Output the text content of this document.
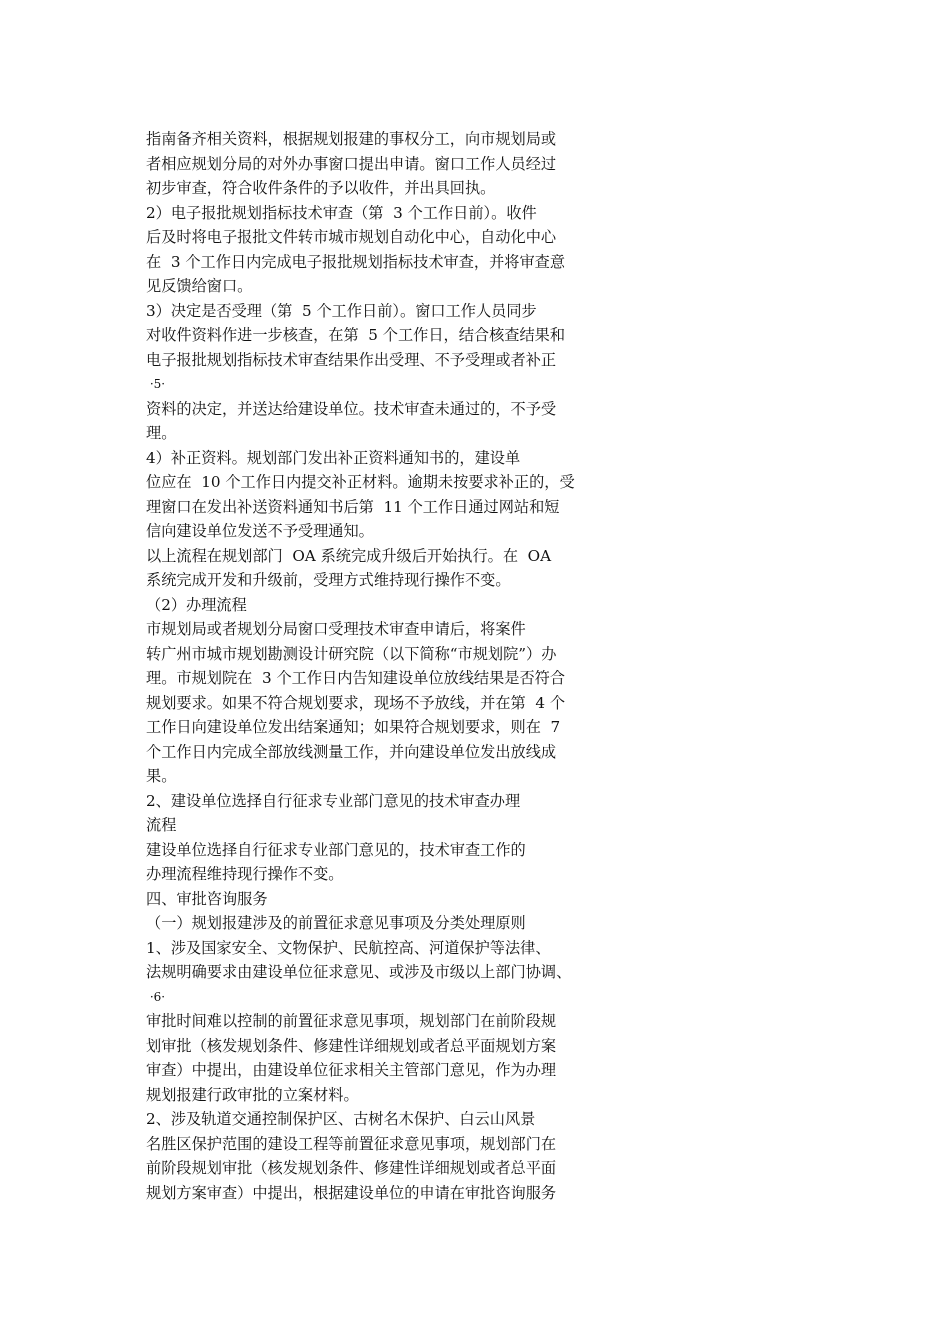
指南备齐相关资料，根据规划报建的事权分工，向市规划局或
者相应规划分局的对外办事窗口提出申请。窗口工作人员经过
初步审查，符合收件条件的予以收件，并出具回执。
2）电子报批规划指标技术审查（第  3 个工作日前）。收件
后及时将电子报批文件转市城市规划自动化中心，自动化中心
在  3 个工作日内完成电子报批规划指标技术审查，并将审查意
见反馈给窗口。
3）决定是否受理（第  5 个工作日前）。窗口工作人员同步
对收件资料作进一步核查，在第  5 个工作日，结合核查结果和
电子报批规划指标技术审查结果作出受理、不予受理或者补正
·5·
资料的决定，并送达给建设单位。技术审查未通过的，不予受
理。
4）补正资料。规划部门发出补正资料通知书的，建设单
位应在  10 个工作日内提交补正材料。逾期未按要求补正的，受
理窗口在发出补送资料通知书后第  11 个工作日通过网站和短
信向建设单位发送不予受理通知。
以上流程在规划部门  OA 系统完成升级后开始执行。在  OA
系统完成开发和升级前，受理方式维持现行操作不变。
（2）办理流程
市规划局或者规划分局窗口受理技术审查申请后，将案件
转广州市城市规划勘测设计研究院（以下简称“市规划院”）办
理。市规划院在  3 个工作日内告知建设单位放线结果是否符合
规划要求。如果不符合规划要求，现场不予放线，并在第  4 个
工作日向建设单位发出结案通知；如果符合规划要求，则在  7
个工作日内完成全部放线测量工作，并向建设单位发出放线成
果。
2、建设单位选择自行征求专业部门意见的技术审查办理
流程
建设单位选择自行征求专业部门意见的，技术审查工作的
办理流程维持现行操作不变。
四、审批咨询服务
（一）规划报建涉及的前置征求意见事项及分类处理原则
1、涉及国家安全、文物保护、民航控高、河道保护等法律、
法规明确要求由建设单位征求意见、或涉及市级以上部门协调、
·6·
审批时间难以控制的前置征求意见事项，规划部门在前阶段规
划审批（核发规划条件、修建性详细规划或者总平面规划方案
审查）中提出，由建设单位征求相关主管部门意见，作为办理
规划报建行政审批的立案材料。
2、涉及轨道交通控制保护区、古树名木保护、白云山风景
名胜区保护范围的建设工程等前置征求意见事项，规划部门在
前阶段规划审批（核发规划条件、修建性详细规划或者总平面
规划方案审查）中提出，根据建设单位的申请在审批咨询服务
